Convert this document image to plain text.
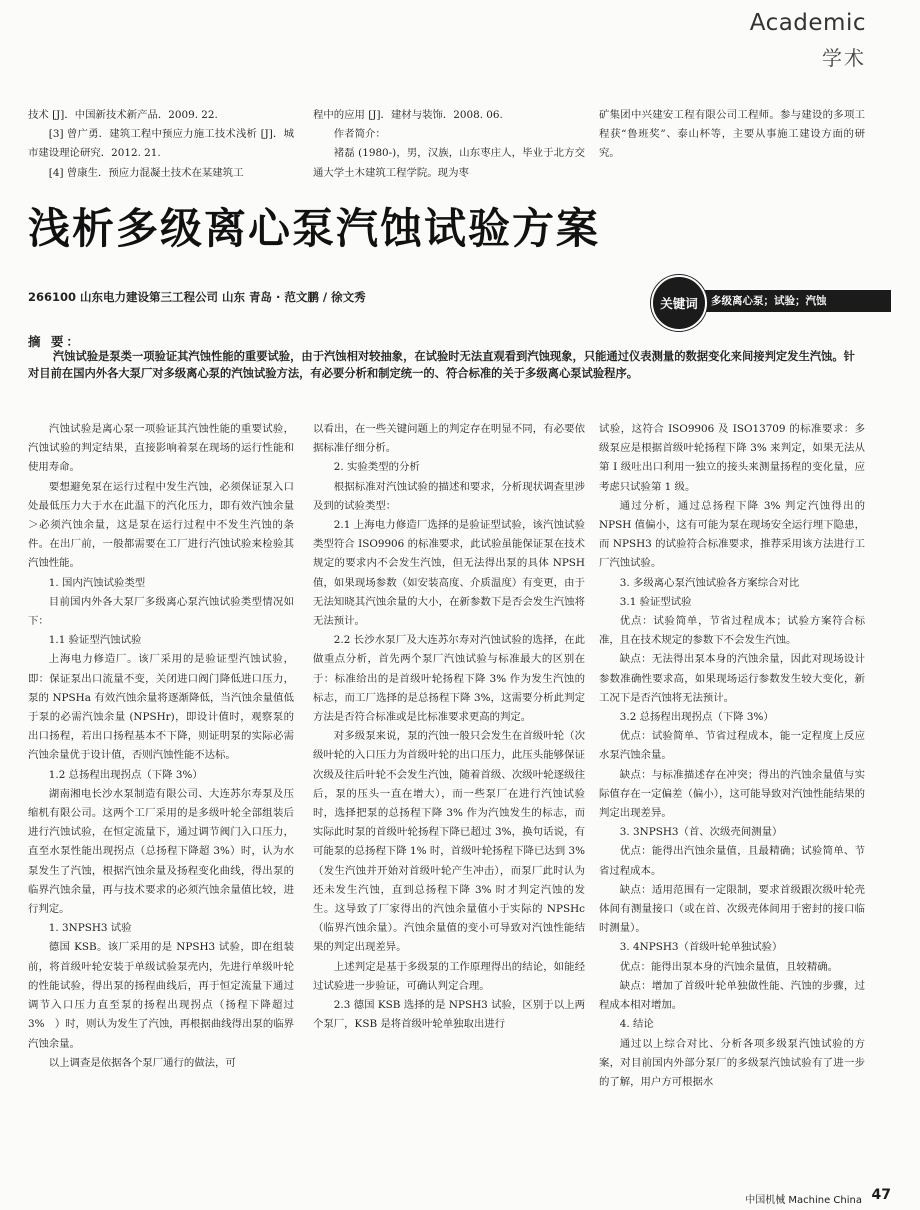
Academic
学术

技术 [J]．中国新技术新产品．2009. 22.

[3] 曾广勇．建筑工程中预应力施工技术浅析 [J]．城市建设理论研究．2012. 21.

[4] 曾康生．预应力混凝土技术在某建筑工

程中的应用 [J]．建材与装饰．2008. 06.

作者简介：

褚磊 (1980-)，男，汉族，山东枣庄人，毕业于北方交通大学土木建筑工程学院。现为枣

矿集团中兴建安工程有限公司工程师。参与建设的多项工程获“鲁班奖”、泰山杯等，主要从事施工建设方面的研究。

浅析多级离心泵汽蚀试验方案
266100 山东电力建设第三工程公司 山东 青岛 · 范文鹏 / 徐文秀	多级离心泵；试验；汽蚀
关键词
摘 要：
汽蚀试验是泵类一项验证其汽蚀性能的重要试验，由于汽蚀相对较抽象，在试验时无法直观看到汽蚀现象，只能通过仪表测量的数据变化来间接判定发生汽蚀。针对目前在国内外各大泵厂对多级离心泵的汽蚀试验方法，有必要分析和制定统一的、符合标准的关于多级离心泵试验程序。

汽蚀试验是离心泵一项验证其汽蚀性能的重要试验，汽蚀试验的判定结果，直接影响着泵在现场的运行性能和使用寿命。

要想避免泵在运行过程中发生汽蚀，必须保证泵入口处最低压力大于水在此温下的汽化压力，即有效汽蚀余量＞必须汽蚀余量，这是泵在运行过程中不发生汽蚀的条件。在出厂前，一般都需要在工厂进行汽蚀试验来检验其汽蚀性能。

1. 国内汽蚀试验类型

目前国内外各大泵厂多级离心泵汽蚀试验类型情况如下：

1.1 验证型汽蚀试验

上海电力修造厂。该厂采用的是验证型汽蚀试验，即：保证泵出口流量不变，关闭进口阀门降低进口压力，泵的 NPSHa 有效汽蚀余量将逐渐降低，当汽蚀余量值低于泵的必需汽蚀余量 (NPSHr)，即设计值时，观察泵的出口扬程，若出口扬程基本不下降，则证明泵的实际必需汽蚀余量优于设计值，否则汽蚀性能不达标。

1.2 总扬程出现拐点（下降 3%）

湖南湘电长沙水泵制造有限公司、大连苏尔寿泵及压缩机有限公司。这两个工厂采用的是多级叶轮全部组装后进行汽蚀试验，在恒定流量下，通过调节阀门入口压力，直至水泵性能出现拐点（总扬程下降超 3%）时，认为水泵发生了汽蚀，根据汽蚀余量及扬程变化曲线，得出泵的临界汽蚀余量，再与技术要求的必须汽蚀余量值比较，进行判定。

1. 3NPSH3 试验

德国 KSB。该厂采用的是 NPSH3 试验，即在组装前，将首级叶轮安装于单级试验泵壳内，先进行单级叶轮的性能试验，得出泵的扬程曲线后，再于恒定流量下通过调节入口压力直至泵的扬程出现拐点（扬程下降超过 3%　）时，则认为发生了汽蚀，再根据曲线得出泵的临界汽蚀余量。

以上调查是依据各个泵厂通行的做法，可

以看出，在一些关键问题上的判定存在明显不同，有必要依据标准仔细分析。

2. 实验类型的分析

根据标准对汽蚀试验的描述和要求，分析现状调查里涉及到的试验类型：

2.1 上海电力修造厂选择的是验证型试验，该汽蚀试验类型符合 ISO9906 的标准要求，此试验虽能保证泵在技术规定的要求内不会发生汽蚀，但无法得出泵的具体 NPSH 值，如果现场参数（如安装高度、介质温度）有变更，由于无法知晓其汽蚀余量的大小，在新参数下是否会发生汽蚀将无法预计。

2.2 长沙水泵厂及大连苏尔寿对汽蚀试验的选择，在此做重点分析，首先两个泵厂汽蚀试验与标准最大的区别在于：标准给出的是首级叶轮扬程下降 3% 作为发生汽蚀的标志，而工厂选择的是总扬程下降 3%，这需要分析此判定方法是否符合标准或是比标准要求更高的判定。

对多级泵来说，泵的汽蚀一般只会发生在首级叶轮（次级叶轮的入口压力为首级叶轮的出口压力，此压头能够保证次级及往后叶轮不会发生汽蚀，随着首级、次级叶轮逐级往后，泵的压头一直在增大），而一些泵厂在进行汽蚀试验时，选择把泵的总扬程下降 3% 作为汽蚀发生的标志，而实际此时泵的首级叶轮扬程下降已超过 3%，换句话说，有可能泵的总扬程下降 1% 时，首级叶轮扬程下降已达到 3%（发生汽蚀并开始对首级叶轮产生冲击），而泵厂此时认为还未发生汽蚀，直到总扬程下降 3% 时才判定汽蚀的发生。这导致了厂家得出的汽蚀余量值小于实际的 NPSHc（临界汽蚀余量）。汽蚀余量值的变小可导致对汽蚀性能结果的判定出现差异。

上述判定是基于多级泵的工作原理得出的结论，如能经过试验进一步验证，可确认判定合理。

2.3 德国 KSB 选择的是 NPSH3 试验，区别于以上两个泵厂，KSB 是将首级叶轮单独取出进行

试验，这符合 ISO9906 及 ISO13709 的标准要求：多级泵应是根据首级叶轮扬程下降 3% 来判定，如果无法从第 I 级吐出口利用一独立的接头来测量扬程的变化量，应考虑只试验第 1 级。

通过分析，通过总扬程下降 3% 判定汽蚀得出的 NPSH 值偏小，这有可能为泵在现场安全运行埋下隐患，而 NPSH3 的试验符合标准要求，推荐采用该方法进行工厂汽蚀试验。

3. 多级离心泵汽蚀试验各方案综合对比

3.1 验证型试验

优点：试验简单，节省过程成本；试验方案符合标准，且在技术规定的参数下不会发生汽蚀。

缺点：无法得出泵本身的汽蚀余量，因此对现场设计参数准确性要求高，如果现场运行参数发生较大变化，新工况下是否汽蚀将无法预计。

3.2 总扬程出现拐点（下降 3%）

优点：试验简单、节省过程成本，能一定程度上反应水泵汽蚀余量。

缺点：与标准描述存在冲突；得出的汽蚀余量值与实际值存在一定偏差（偏小），这可能导致对汽蚀性能结果的判定出现差异。

3. 3NPSH3（首、次级壳间测量）

优点：能得出汽蚀余量值，且最精确；试验简单、节省过程成本。

缺点：适用范围有一定限制，要求首级跟次级叶轮壳体间有测量接口（或在首、次级壳体间用于密封的接口临时测量）。

3. 4NPSH3（首级叶轮单独试验）

优点：能得出泵本身的汽蚀余量值，且较精确。

缺点：增加了首级叶轮单独做性能、汽蚀的步骤，过程成本相对增加。

4. 结论

通过以上综合对比、分析各项多级泵汽蚀试验的方案，对目前国内外部分泵厂的多级泵汽蚀试验有了进一步的了解，用户方可根据水

中国机械 Machine China 47
